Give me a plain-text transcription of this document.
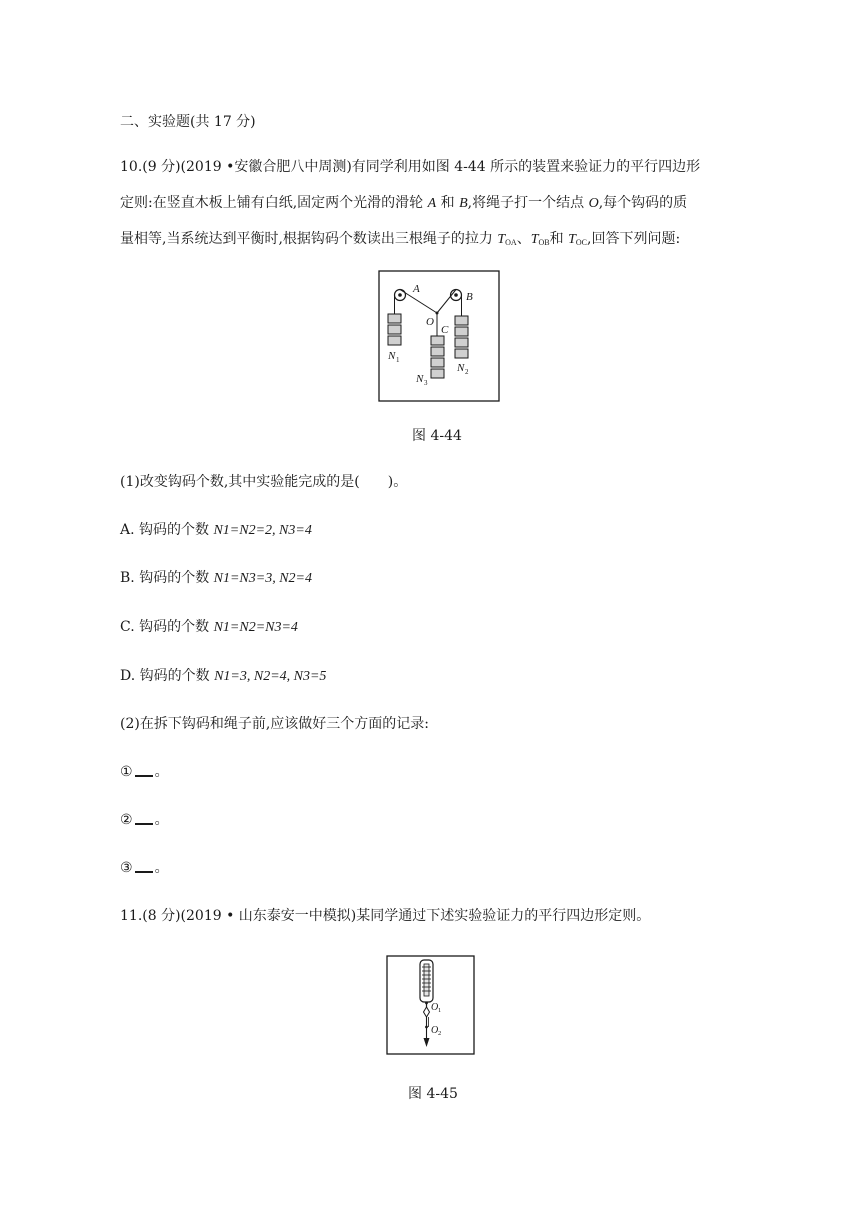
二、实验题(共 17 分)
10.(9 分)(2019 •安徽合肥八中周测)有同学利用如图 4-44 所示的装置来验证力的平行四边形
定则:在竖直木板上铺有白纸,固定两个光滑的滑轮 A 和 B,将绳子打一个结点 O,每个钩码的质
量相等,当系统达到平衡时,根据钩码个数读出三根绳子的拉力 $T_{OA}$、$T_{OB}$和 $T_{OC}$,回答下列问题:
A
B
O
C
N
N
N
1
2
3
图 4-44
(1)改变钩码个数,其中实验能完成的是(　　)。
A. 钩码的个数 N1=N2=2, N3=4
B. 钩码的个数 N1=N3=3, N2=4
C. 钩码的个数 N1=N2=N3=4
D. 钩码的个数 N1=3, N2=4, N3=5
(2)在拆下钩码和绳子前,应该做好三个方面的记录:
① 。
② 。
③ 。
11.(8 分)(2019 • 山东泰安一中模拟)某同学通过下述实验验证力的平行四边形定则。
O
O
1
2
图 4-45
